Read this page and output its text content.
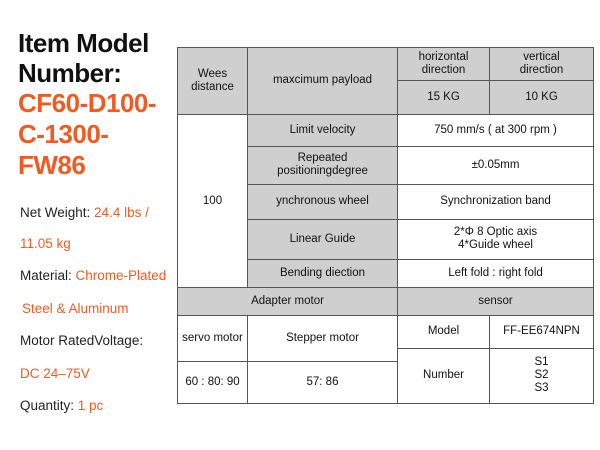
Item Model
Number:
CF60-D100-
C-1300-
FW86
Net Weight: 24.4 lbs /
11.05 kg
Material: Chrome-Plated
Steel & Aluminum
Motor RatedVoltage:
DC 24–75V
Quantity: 1 pc
Wees
distance	maxcimum payload	horizontal
direction	vertical
direction
		15 KG	10 KG
100	Limit velocity	750 mm/s ( at 300 rpm )	
	Repeated
positioningdegree	±0.05mm	
	ynchronous wheel	Synchronization band	
	Linear Guide	2*Φ 8 Optic axis
4*Guide wheel	
	Bending diection	Left fold : right fold	
Adapter motor		sensor	
servo motor	Stepper motor	Model	FF-EE674NPN
		Number	S1
S2
S3
60 : 80: 90	57: 86		
